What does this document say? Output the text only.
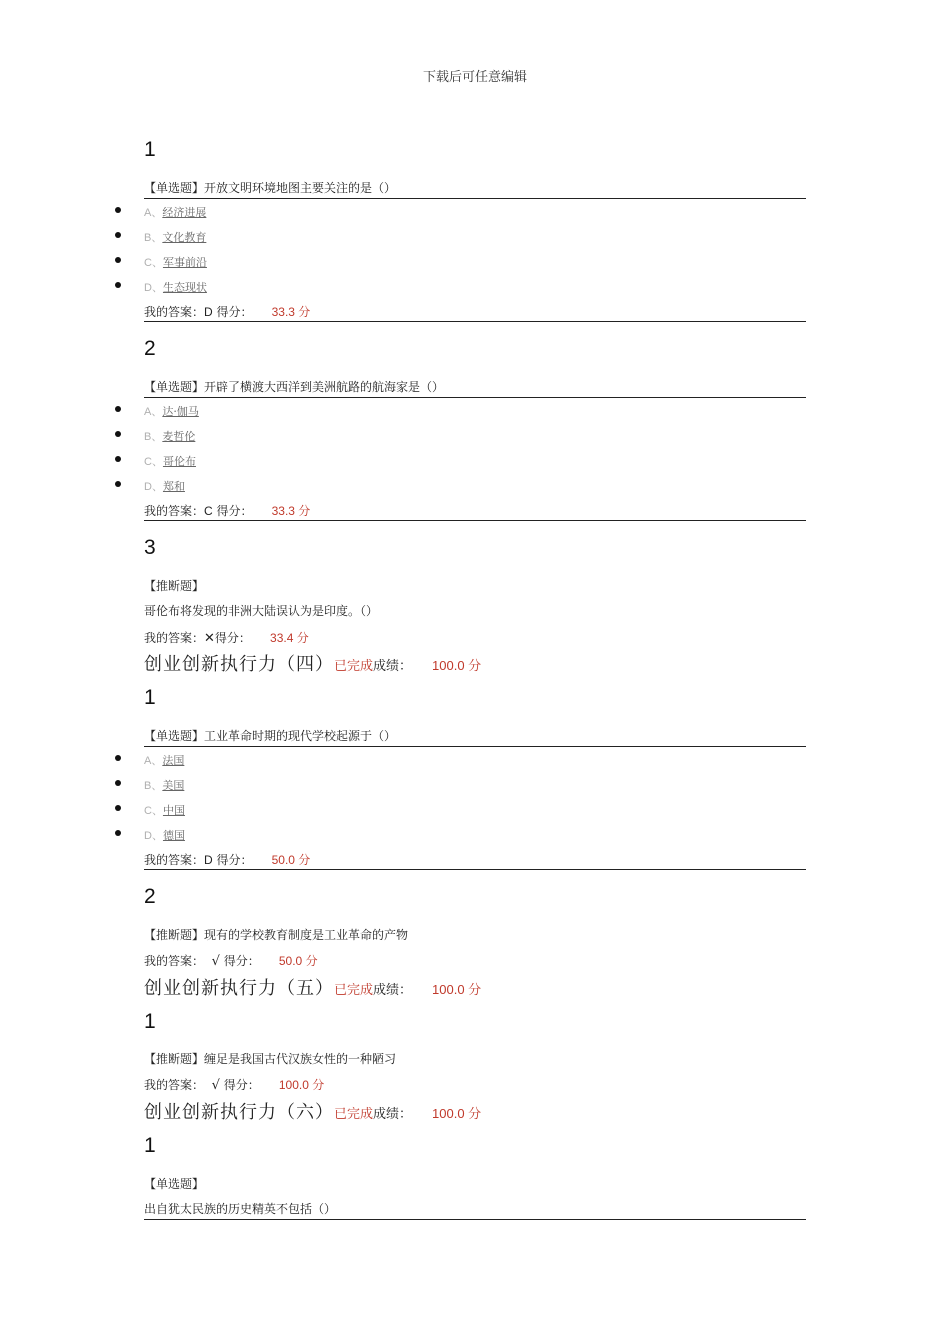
下载后可任意编辑
1
【单选题】开放文明环境地图主要关注的是（）
A、经济进展
B、文化教育
C、军事前沿
D、生态现状
我的答案：D 得分： 33.3 分
2
【单选题】开辟了横渡大西洋到美洲航路的航海家是（）
A、达·伽马
B、麦哲伦
C、哥伦布
D、郑和
我的答案：C 得分： 33.3 分
3
【推断题】
哥伦布将发现的非洲大陆误认为是印度。（）
我的答案：✕得分： 33.4 分
创业创新执行力（四）已完成成绩： 100.0 分
1
【单选题】工业革命时期的现代学校起源于（）
A、法国
B、美国
C、中国
D、德国
我的答案：D 得分： 50.0 分
2
【推断题】现有的学校教育制度是工业革命的产物
我的答案： √ 得分： 50.0 分
创业创新执行力（五）已完成成绩： 100.0 分
1
【推断题】缠足是我国古代汉族女性的一种陋习
我的答案： √ 得分： 100.0 分
创业创新执行力（六）已完成成绩： 100.0 分
1
【单选题】
出自犹太民族的历史精英不包括（）
